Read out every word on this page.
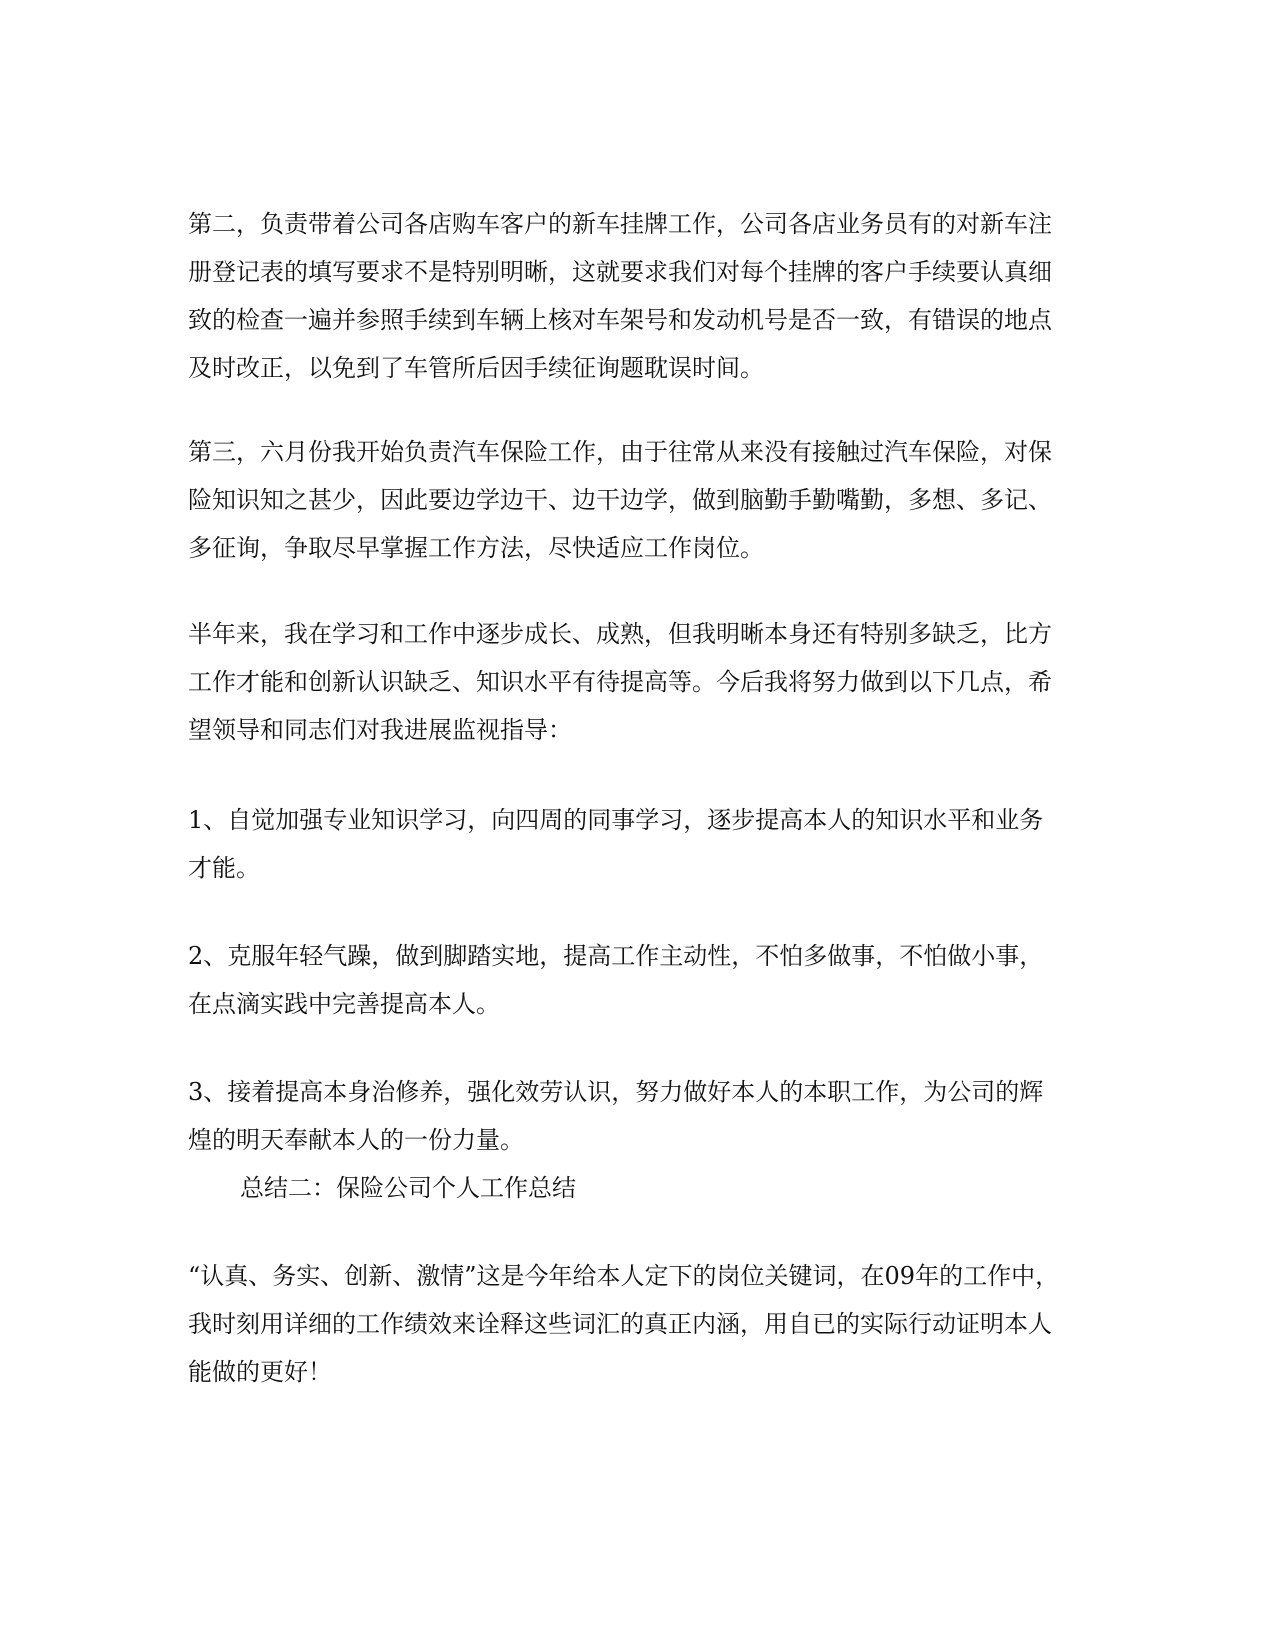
第二，负责带着公司各店购车客户的新车挂牌工作，公司各店业务员有的对新车注
册登记表的填写要求不是特别明晰，这就要求我们对每个挂牌的客户手续要认真细
致的检查一遍并参照手续到车辆上核对车架号和发动机号是否一致，有错误的地点
及时改正，以免到了车管所后因手续征询题耽误时间。
第三，六月份我开始负责汽车保险工作，由于往常从来没有接触过汽车保险，对保
险知识知之甚少，因此要边学边干、边干边学，做到脑勤手勤嘴勤，多想、多记、
多征询，争取尽早掌握工作方法，尽快适应工作岗位。
半年来，我在学习和工作中逐步成长、成熟，但我明晰本身还有特别多缺乏，比方
工作才能和创新认识缺乏、知识水平有待提高等。今后我将努力做到以下几点，希
望领导和同志们对我进展监视指导：
1、自觉加强专业知识学习，向四周的同事学习，逐步提高本人的知识水平和业务
才能。
2、克服年轻气躁，做到脚踏实地，提高工作主动性，不怕多做事，不怕做小事，
在点滴实践中完善提高本人。
3、接着提高本身治修养，强化效劳认识，努力做好本人的本职工作，为公司的辉
煌的明天奉献本人的一份力量。
总结二：保险公司个人工作总结
“认真、务实、创新、激情”这是今年给本人定下的岗位关键词，在09年的工作中，
我时刻用详细的工作绩效来诠释这些词汇的真正内涵，用自已的实际行动证明本人
能做的更好！
